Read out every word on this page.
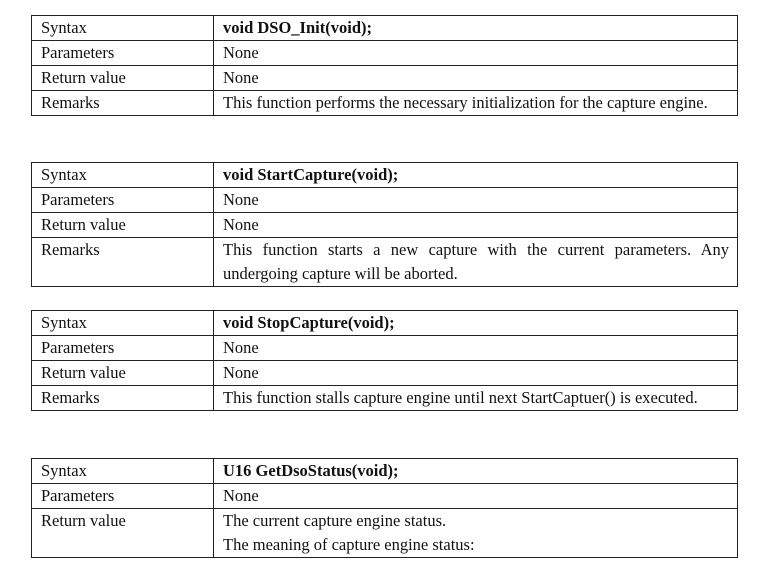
Syntax	void DSO_Init(void);
Parameters	None
Return value	None
Remarks	This function performs the necessary initialization for the capture engine.
Syntax	void StartCapture(void);
Parameters	None
Return value	None
Remarks	This function starts a new capture with the current parameters. Any undergoing capture will be aborted.
Syntax	void StopCapture(void);
Parameters	None
Return value	None
Remarks	This function stalls capture engine until next StartCaptuer() is executed.
Syntax	U16 GetDsoStatus(void);
Parameters	None
Return value	The current capture engine status.
The meaning of capture engine status:
